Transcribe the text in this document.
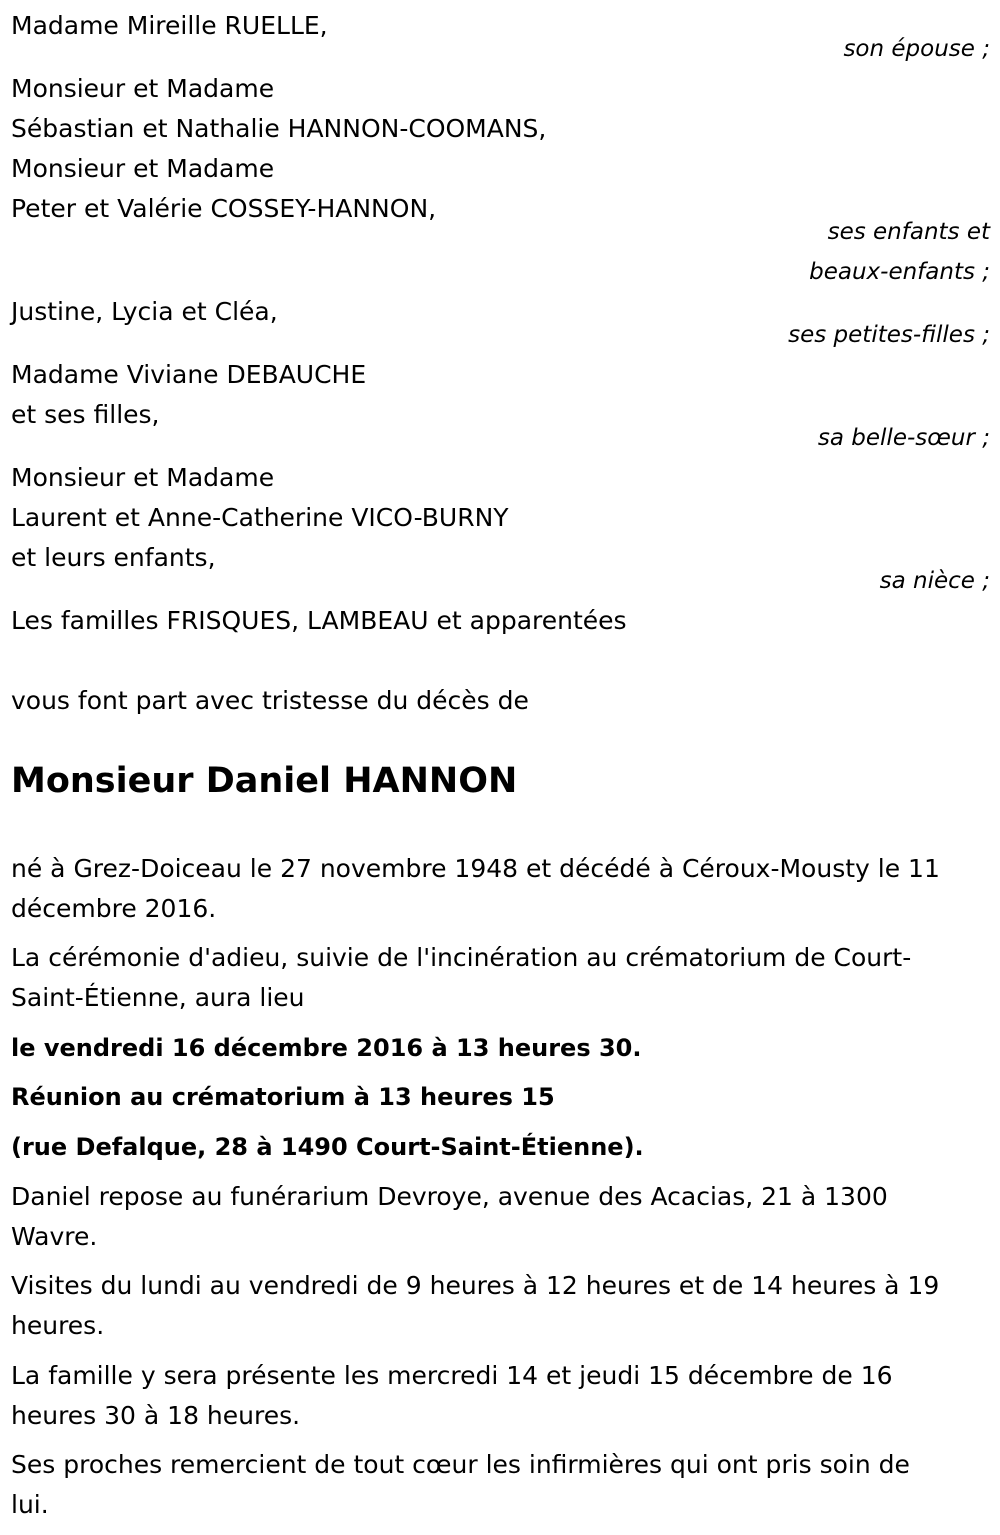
Madame Mireille RUELLE,

son épouse ;

Monsieur et Madame

Sébastian et Nathalie HANNON-COOMANS,

Monsieur et Madame

Peter et Valérie COSSEY-HANNON,

ses enfants et

beaux-enfants ;

Justine, Lycia et Cléa,

ses petites-filles ;

Madame Viviane DEBAUCHE

et ses filles,

sa belle-sœur ;

Monsieur et Madame

Laurent et Anne-Catherine VICO-BURNY

et leurs enfants,

sa nièce ;

Les familles FRISQUES, LAMBEAU et apparentées

vous font part avec tristesse du décès de

Monsieur Daniel HANNON

né à Grez-Doiceau le 27 novembre 1948 et décédé à Céroux-Mousty le 11

décembre 2016.

La cérémonie d'adieu, suivie de l'incinération au crématorium de Court-

Saint-Étienne, aura lieu

le vendredi 16 décembre 2016 à 13 heures 30.

Réunion au crématorium à 13 heures 15

(rue Defalque, 28 à 1490 Court-Saint-Étienne).

Daniel repose au funérarium Devroye, avenue des Acacias, 21 à 1300

Wavre.

Visites du lundi au vendredi de 9 heures à 12 heures et de 14 heures à 19

heures.

La famille y sera présente les mercredi 14 et jeudi 15 décembre de 16

heures 30 à 18 heures.

Ses proches remercient de tout cœur les infirmières qui ont pris soin de

lui.
